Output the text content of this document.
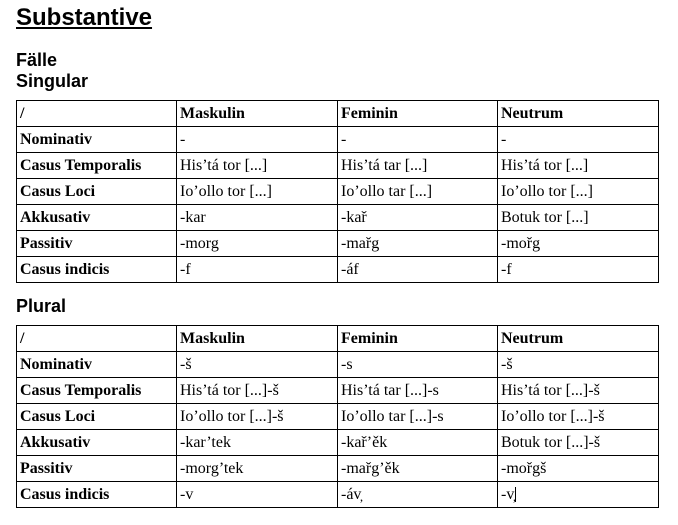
Substantive
Fälle
Singular
/	Maskulin	Feminin	Neutrum
Nominativ	-	-	-
Casus Temporalis	His’tá tor [...]	His’tá tar [...]	His’tá tor [...]
Casus Loci	Io’ollo tor [...]	Io’ollo tar [...]	Io’ollo tor [...]
Akkusativ	-kar	-kař	Botuk tor [...]
Passitiv	-morg	-mařg	-mořg
Casus indicis	-f	-áf	-f
Plural
/	Maskulin	Feminin	Neutrum
Nominativ	-š	-s	-š
Casus Temporalis	His’tá tor [...]-š	His’tá tar [...]-s	His’tá tor [...]-š
Casus Loci	Io’ollo tor [...]-š	Io’ollo tar [...]-s	Io’ollo tor [...]-š
Akkusativ	-kar’tek	-kař’ěk	Botuk tor [...]-š
Passitiv	-morg’tek	-mařg’ěk	-mořgš
Casus indicis	-v	-áv̦	-v̦
